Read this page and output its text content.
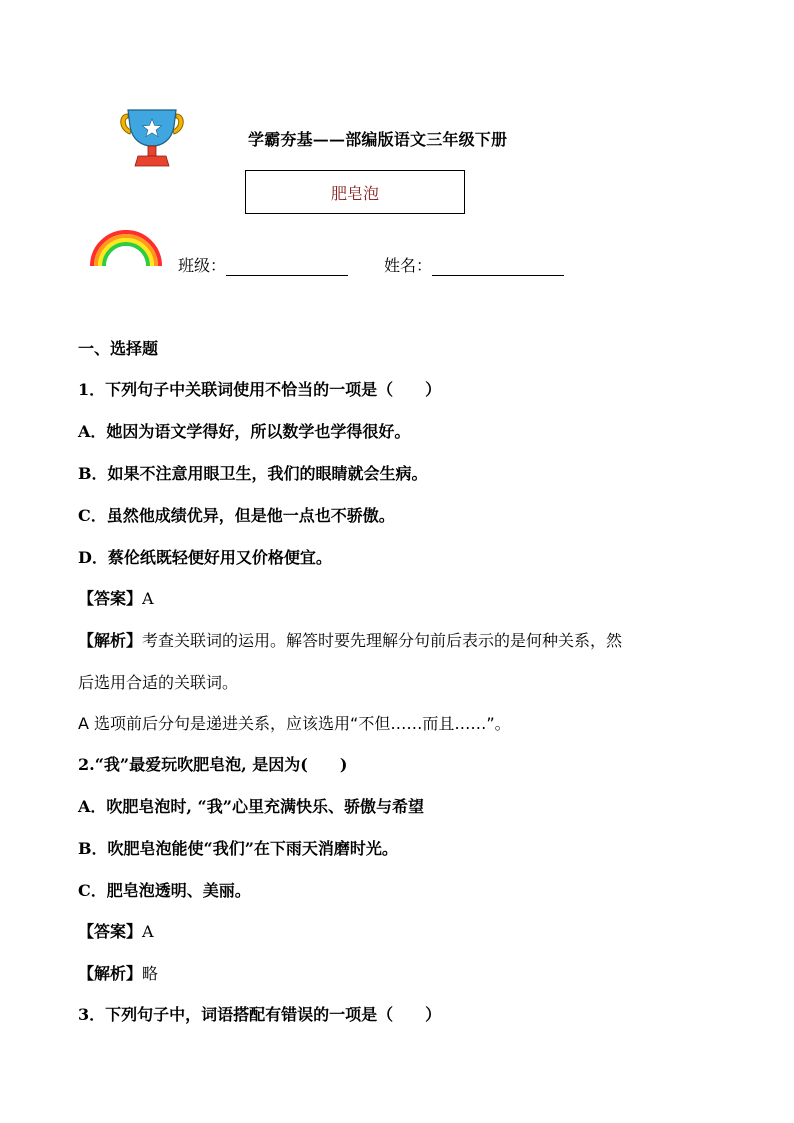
学霸夯基——部编版语文三年级下册
肥皂泡
班级：	姓名：
一、选择题
1．下列句子中关联词使用不恰当的一项是（　　）
A．她因为语文学得好，所以数学也学得很好。
B．如果不注意用眼卫生，我们的眼睛就会生病。
C．虽然他成绩优异，但是他一点也不骄傲。
D．蔡伦纸既轻便好用又价格便宜。
【答案】A
【解析】考查关联词的运用。解答时要先理解分句前后表示的是何种关系，然
后选用合适的关联词。
A 选项前后分句是递进关系，应该选用“不但……而且……”。
2.“我”最爱玩吹肥皂泡, 是因为(　　)
A．吹肥皂泡时, “我”心里充满快乐、骄傲与希望
B．吹肥皂泡能使“我们”在下雨天消磨时光。
C．肥皂泡透明、美丽。
【答案】A
【解析】略
3．下列句子中，词语搭配有错误的一项是（　　）
